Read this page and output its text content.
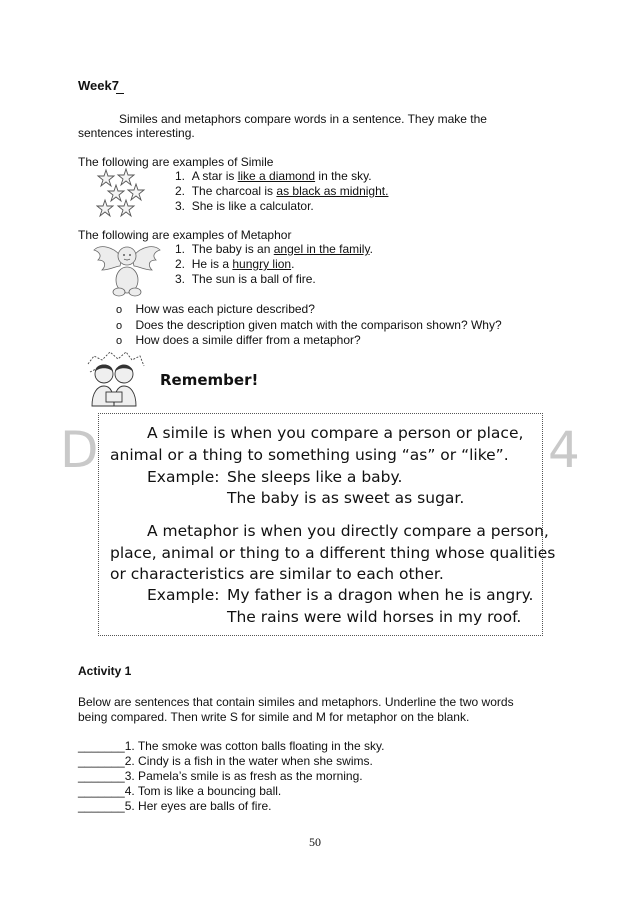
Week7
Similes and metaphors compare words in a sentence. They make the
sentences interesting.
The following are examples of Simile
1. A star is like a diamond in the sky.
2. The charcoal is as black as midnight.
3. She is like a calculator.
The following are examples of Metaphor
1. The baby is an angel in the family.
2. He is a hungry lion.
3. The sun is a ball of fire.
o How was each picture described?
o Does the description given match with the comparison shown? Why?
o How does a simile differ from a metaphor?
Remember!
D	4
A simile is when you compare a person or place,
animal or a thing to something using “as” or “like”.
Example: She sleeps like a baby.
The baby is as sweet as sugar.
A metaphor is when you directly compare a person,
place, animal or thing to a different thing whose qualities
or characteristics are similar to each other.
Example: My father is a dragon when he is angry.
The rains were wild horses in my roof.
Activity 1
Below are sentences that contain similes and metaphors. Underline the two words
being compared. Then write S for simile and M for metaphor on the blank.
_______1. The smoke was cotton balls floating in the sky.
_______2. Cindy is a fish in the water when she swims.
_______3. Pamela’s smile is as fresh as the morning.
_______4. Tom is like a bouncing ball.
_______5. Her eyes are balls of fire.
50
